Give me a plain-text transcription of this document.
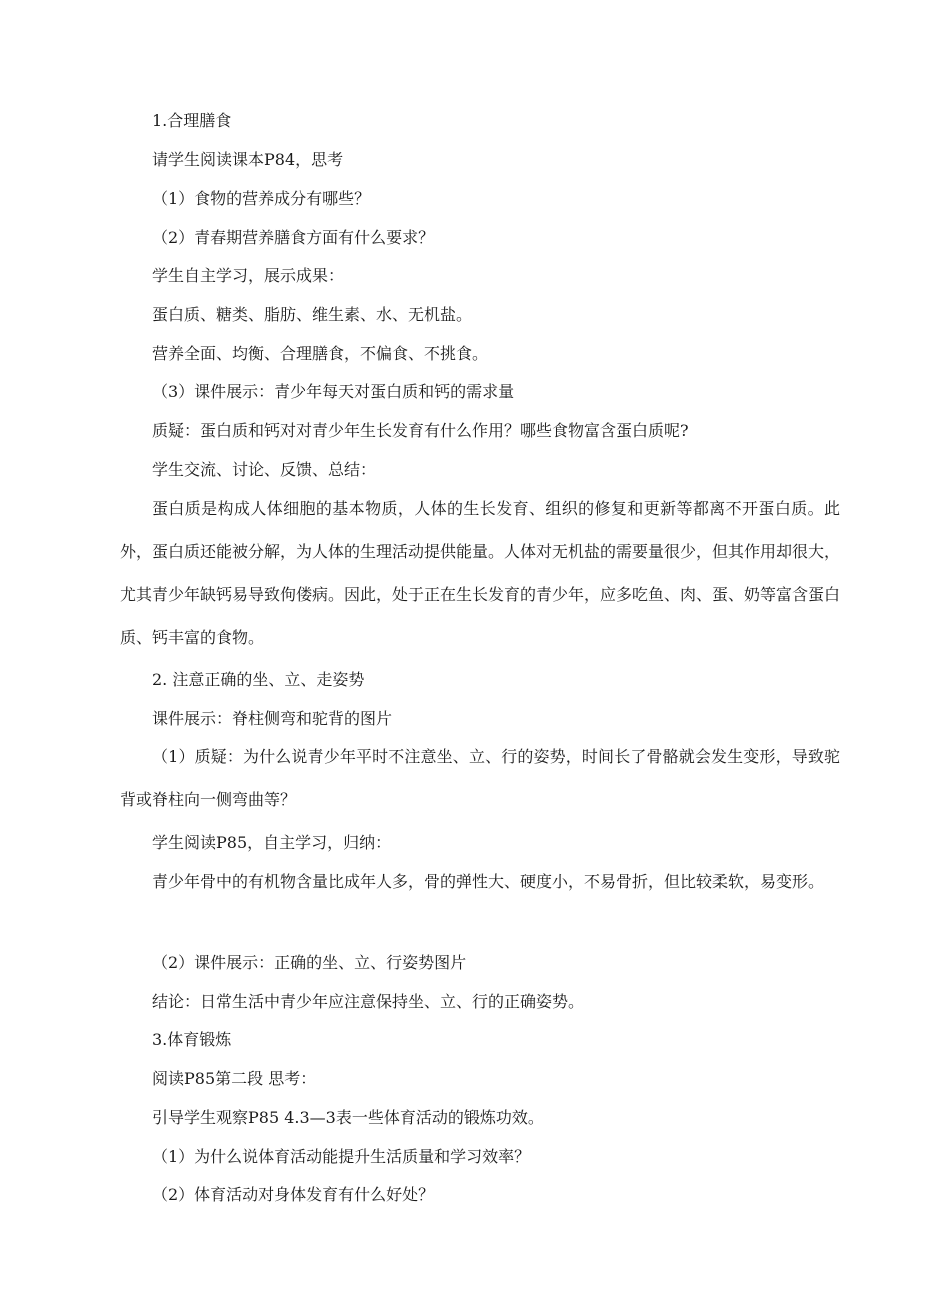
1.合理膳食

请学生阅读课本P84，思考

（1）食物的营养成分有哪些？

（2）青春期营养膳食方面有什么要求？

学生自主学习，展示成果：

蛋白质、糖类、脂肪、维生素、水、无机盐。

营养全面、均衡、合理膳食，不偏食、不挑食。

（3）课件展示：青少年每天对蛋白质和钙的需求量

质疑：蛋白质和钙对对青少年生长发育有什么作用？哪些食物富含蛋白质呢?

学生交流、讨论、反馈、总结：

蛋白质是构成人体细胞的基本物质，人体的生长发育、组织的修复和更新等都离不开蛋白质。此外，蛋白质还能被分解，为人体的生理活动提供能量。人体对无机盐的需要量很少，但其作用却很大，尤其青少年缺钙易导致佝偻病。因此，处于正在生长发育的青少年，应多吃鱼、肉、蛋、奶等富含蛋白质、钙丰富的食物。

2. 注意正确的坐、立、走姿势

课件展示：脊柱侧弯和驼背的图片

（1）质疑：为什么说青少年平时不注意坐、立、行的姿势，时间长了骨骼就会发生变形，导致驼背或脊柱向一侧弯曲等？

学生阅读P85，自主学习，归纳：

青少年骨中的有机物含量比成年人多，骨的弹性大、硬度小，不易骨折，但比较柔软，易变形。

（2）课件展示：正确的坐、立、行姿势图片

结论：日常生活中青少年应注意保持坐、立、行的正确姿势。

3.体育锻炼

阅读P85第二段 思考：

引导学生观察P85 4.3—3表一些体育活动的锻炼功效。

（1）为什么说体育活动能提升生活质量和学习效率？

（2）体育活动对身体发育有什么好处？
